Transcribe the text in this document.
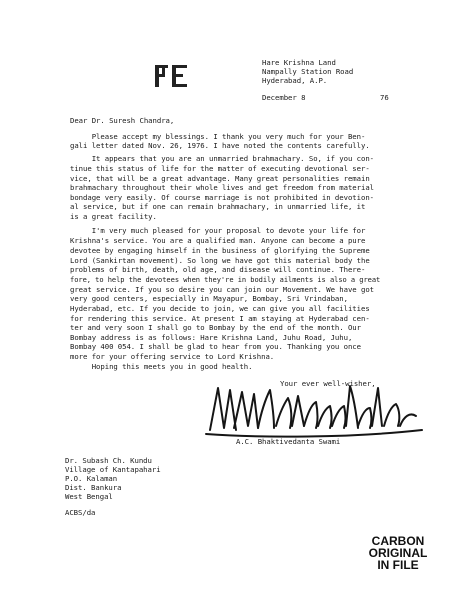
Hare Krishna Land
Nampally Station Road
Hyderabad, A.P.
December 8	76
Dear Dr. Suresh Chandra,
Please accept my blessings. I thank you very much for your Ben-
gali letter dated Nov. 26, 1976. I have noted the contents carefully.
It appears that you are an unmarried brahmachary. So, if you con-
tinue this status of life for the matter of executing devotional ser-
vice, that will be a great advantage. Many great personalities remain
brahmachary throughout their whole lives and get freedom from material
bondage very easily. Of course marriage is not prohibited in devotion-
al service, but if one can remain brahmachary, in unmarried life, it
is a great facility.
I'm very much pleased for your proposal to devote your life for
Krishna's service. You are a qualified man. Anyone can become a pure
devotee by engaging himself in the business of glorifying the Supreme
Lord (Sankirtan movement). So long we have got this material body the
problems of birth, death, old age, and disease will continue. There-
fore, to help the devotees when they're in bodily ailments is also a great
great service. If you so desire you can join our Movement. We have got
very good centers, especially in Mayapur, Bombay, Sri Vrindaban,
Hyderabad, etc. If you decide to join, we can give you all facilities
for rendering this service. At present I am staying at Hyderabad cen-
ter and very soon I shall go to Bombay by the end of the month. Our
Bombay address is as follows: Hare Krishna Land, Juhu Road, Juhu,
Bombay 400 054. I shall be glad to hear from you. Thanking you once
more for your offering service to Lord Krishna.
Hoping this meets you in good health.
Your ever well-wisher,
A.C. Bhaktivedanta Swami
Dr. Subash Ch. Kundu
Village of Kantapahari
P.O. Kalaman
Dist. Bankura
West Bengal
ACBS/da
CARBON
ORIGINAL
IN FILE
